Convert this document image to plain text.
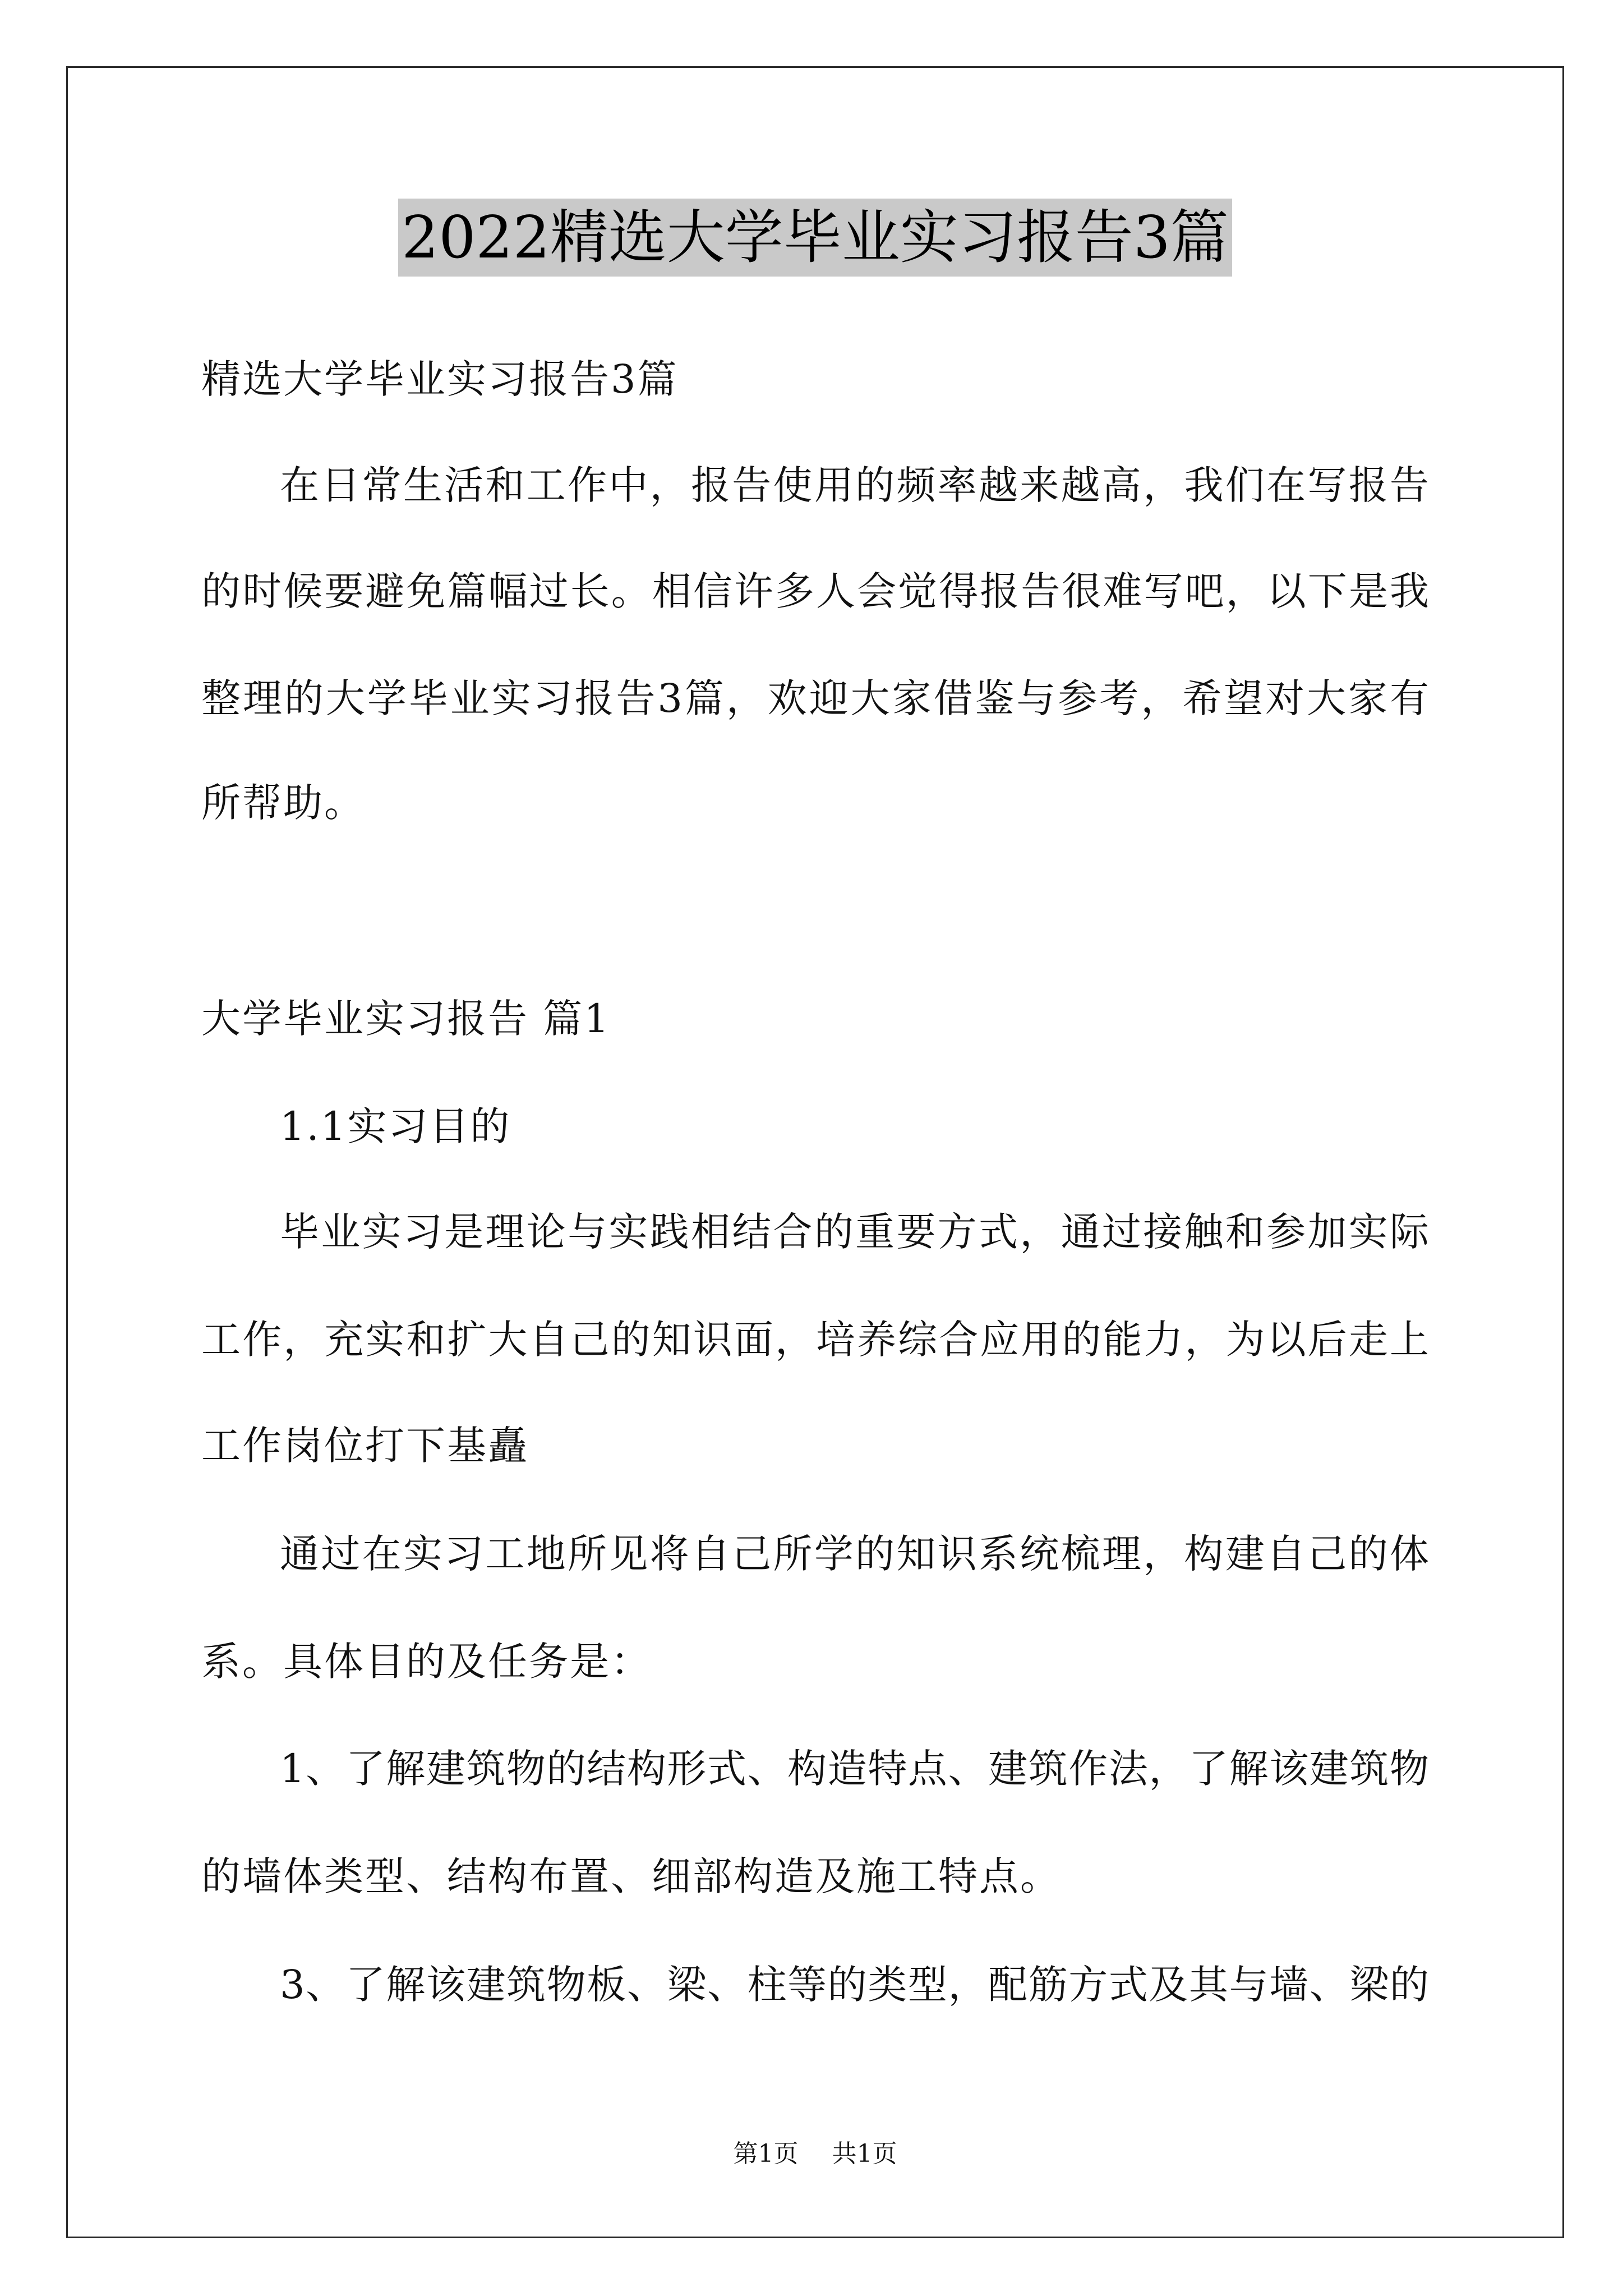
2022精选大学毕业实习报告3篇
精选大学毕业实习报告3篇
在日常生活和工作中，报告使用的频率越来越高，我们在写报告
的时候要避免篇幅过长。相信许多人会觉得报告很难写吧，以下是我
整理的大学毕业实习报告3篇，欢迎大家借鉴与参考，希望对大家有
所帮助。
大学毕业实习报告 篇1
1.1实习目的
毕业实习是理论与实践相结合的重要方式，通过接触和参加实际
工作，充实和扩大自己的知识面，培养综合应用的能力，为以后走上
工作岗位打下基矗
通过在实习工地所见将自己所学的知识系统梳理，构建自己的体
系。具体目的及任务是：
1、了解建筑物的结构形式、构造特点、建筑作法，了解该建筑物
的墙体类型、结构布置、细部构造及施工特点。
3、了解该建筑物板、梁、柱等的类型，配筋方式及其与墙、梁的
第1页 共1页
